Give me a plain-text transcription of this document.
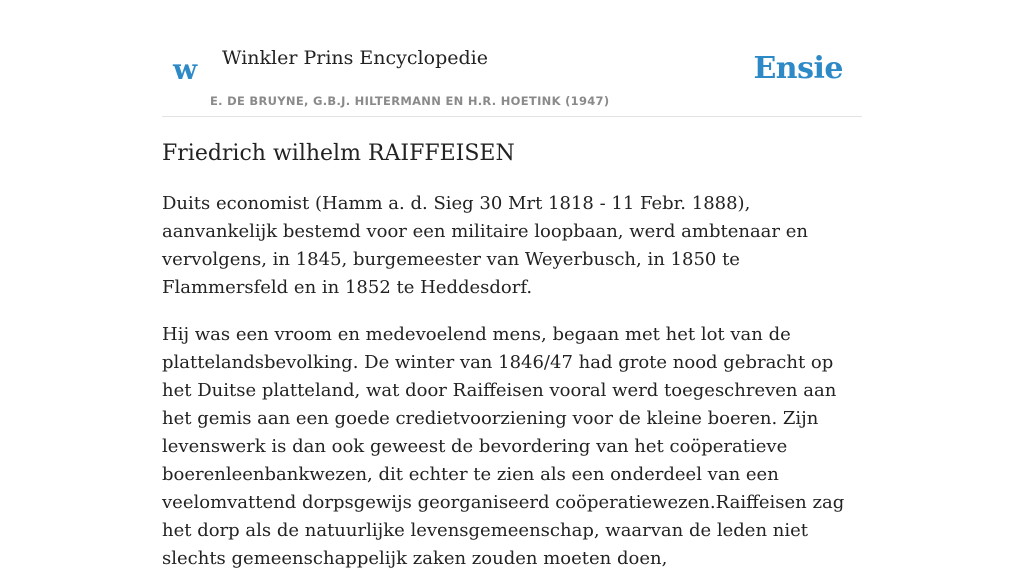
w Winkler Prins Encyclopedie
E. DE BRUYNE, G.B.J. HILTERMANN EN H.R. HOETINK (1947)
Ensie
Friedrich wilhelm RAIFFEISEN

Duits economist (Hamm a. d. Sieg 30 Mrt 1818 - 11 Febr. 1888), aanvankelijk bestemd voor een militaire loopbaan, werd ambtenaar en vervolgens, in 1845, burgemeester van Weyerbusch, in 1850 te Flammersfeld en in 1852 te Heddesdorf.

Hij was een vroom en medevoelend mens, begaan met het lot van de plattelandsbevolking. De winter van 1846/47 had grote nood gebracht op het Duitse platteland, wat door Raiffeisen vooral werd toegeschreven aan het gemis aan een goede credietvoorziening voor de kleine boeren. Zijn levenswerk is dan ook geweest de bevordering van het coöperatieve boerenleenbankwezen, dit echter te zien als een onderdeel van een veelomvattend dorpsgewijs georganiseerd coöperatiewezen.Raiffeisen zag het dorp als de natuurlijke levensgemeenschap, waarvan de leden niet slechts gemeenschappelijk zaken zouden moeten doen,
